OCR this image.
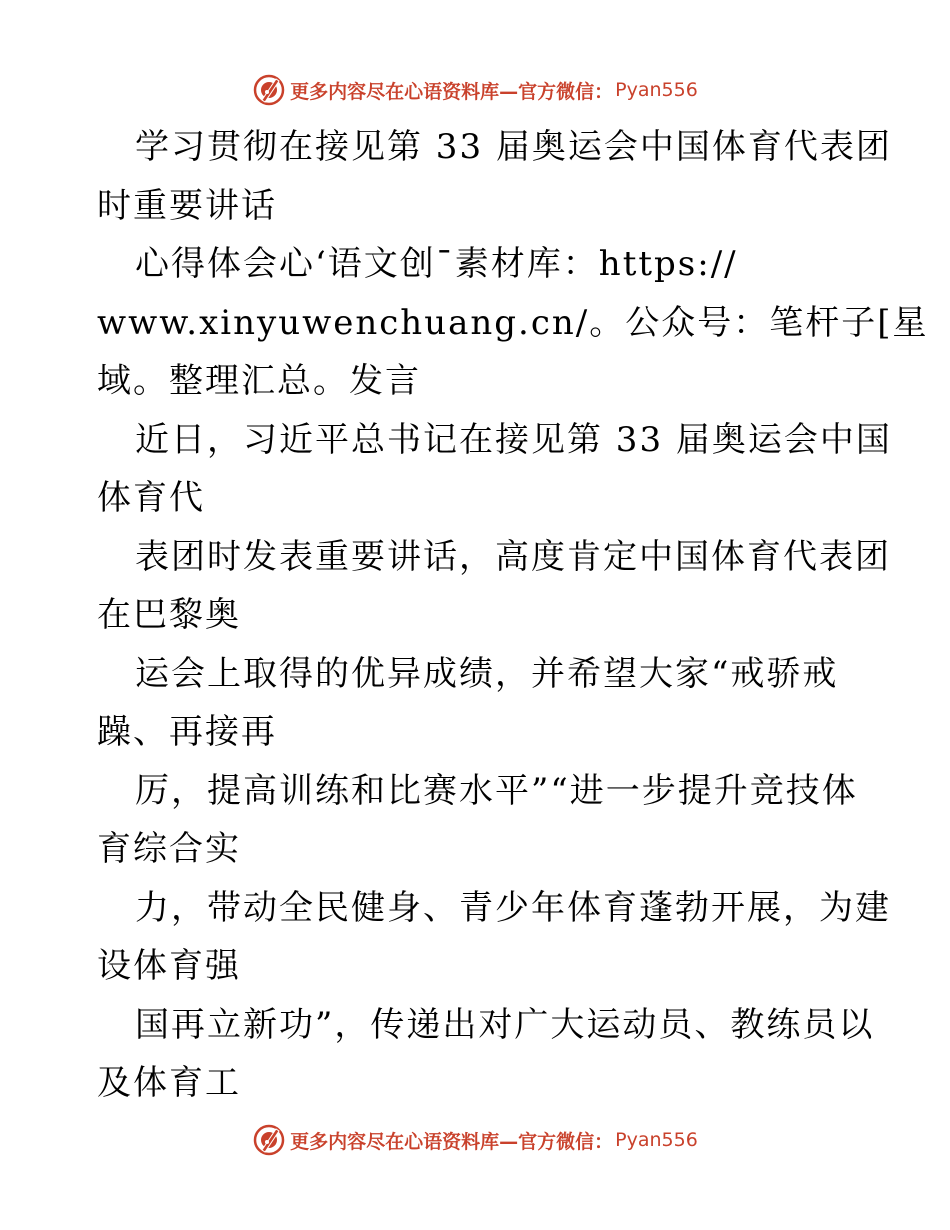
更多内容尽在心语资料库—官方微信： Pyan556
学习贯彻在接见第 33 届奥运会中国体育代表团
时重要讲话
心得体会心‘语文创¯素材库：https://
www.xinyuwenchuang.cn/。公众号：笔杆子[星
域。整理汇总。发言
近日，习近平总书记在接见第 33 届奥运会中国
体育代
表团时发表重要讲话，高度肯定中国体育代表团
在巴黎奥
运会上取得的优异成绩，并希望大家“戒骄戒
躁、再接再
厉，提高训练和比赛水平”“进一步提升竞技体
育综合实
力，带动全民健身、青少年体育蓬勃开展，为建
设体育强
国再立新功”，传递出对广大运动员、教练员以
及体育工
更多内容尽在心语资料库—官方微信： Pyan556
